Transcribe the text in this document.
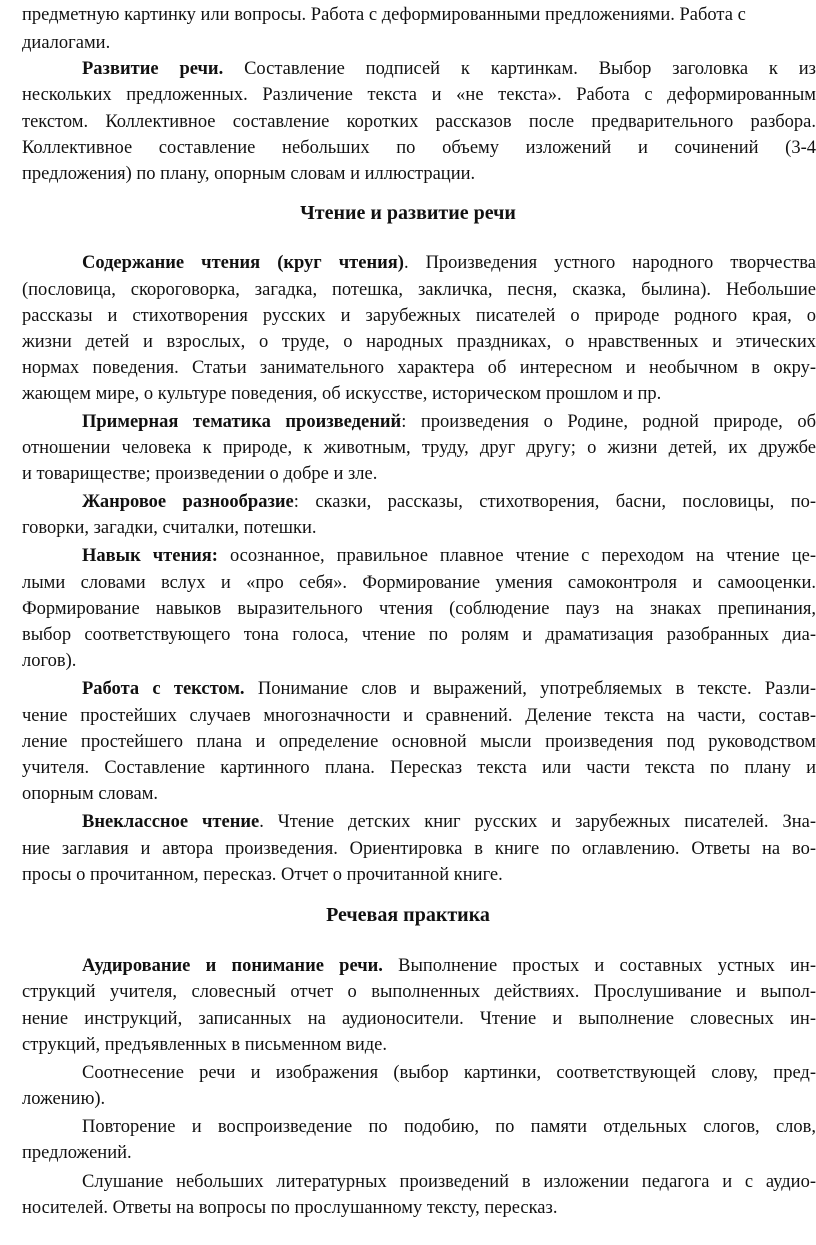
предметную картинку или вопросы. Работа с деформированными предложениями. Работа с
диалогами.
Развитие речи. Составление подписей к картинкам. Выбор заголовка к из
нескольких предложенных. Различение текста и «не текста». Работа с деформированным
текстом. Коллективное составление коротких рассказов после предварительного разбора.
Коллективное составление небольших по объему изложений и сочинений (3-4
предложения) по плану, опорным словам и иллюстрации.
Чтение и развитие речи
Содержание чтения (круг чтения). Произведения устного народного творчества
(пословица, скороговорка, загадка, потешка, закличка, песня, сказка, былина). Небольшие
рассказы и стихотворения русских и зарубежных писателей о природе родного края, о
жизни детей и взрослых, о труде, о народных праздниках, о нравственных и этических
нормах поведения. Статьи занимательного характера об интересном и необычном в окру-
жающем мире, о культуре поведения, об искусстве, историческом прошлом и пр.
Примерная тематика произведений: произведения о Родине, родной природе, об
отношении человека к природе, к животным, труду, друг другу; о жизни детей, их дружбе
и товариществе; произведении о добре и зле.
Жанровое разнообразие: сказки, рассказы, стихотворения, басни, пословицы, по-
говорки, загадки, считалки, потешки.
Навык чтения: осознанное, правильное плавное чтение с переходом на чтение це-
лыми словами вслух и «про себя». Формирование умения самоконтроля и самооценки.
Формирование навыков выразительного чтения (соблюдение пауз на знаках препинания,
выбор соответствующего тона голоса, чтение по ролям и драматизация разобранных диа-
логов).
Работа с текстом. Понимание слов и выражений, употребляемых в тексте. Разли-
чение простейших случаев многозначности и сравнений. Деление текста на части, состав-
ление простейшего плана и определение основной мысли произведения под руководством
учителя. Составление картинного плана. Пересказ текста или части текста по плану и
опорным словам.
Внеклассное чтение. Чтение детских книг русских и зарубежных писателей. Зна-
ние заглавия и автора произведения. Ориентировка в книге по оглавлению. Ответы на во-
просы о прочитанном, пересказ. Отчет о прочитанной книге.
Речевая практика
Аудирование и понимание речи. Выполнение простых и составных устных ин-
струкций учителя, словесный отчет о выполненных действиях. Прослушивание и выпол-
нение инструкций, записанных на аудионосители. Чтение и выполнение словесных ин-
струкций, предъявленных в письменном виде.
Соотнесение речи и изображения (выбор картинки, соответствующей слову, пред-
ложению).
Повторение и воспроизведение по подобию, по памяти отдельных слогов, слов,
предложений.
Слушание небольших литературных произведений в изложении педагога и с аудио-
носителей. Ответы на вопросы по прослушанному тексту, пересказ.
